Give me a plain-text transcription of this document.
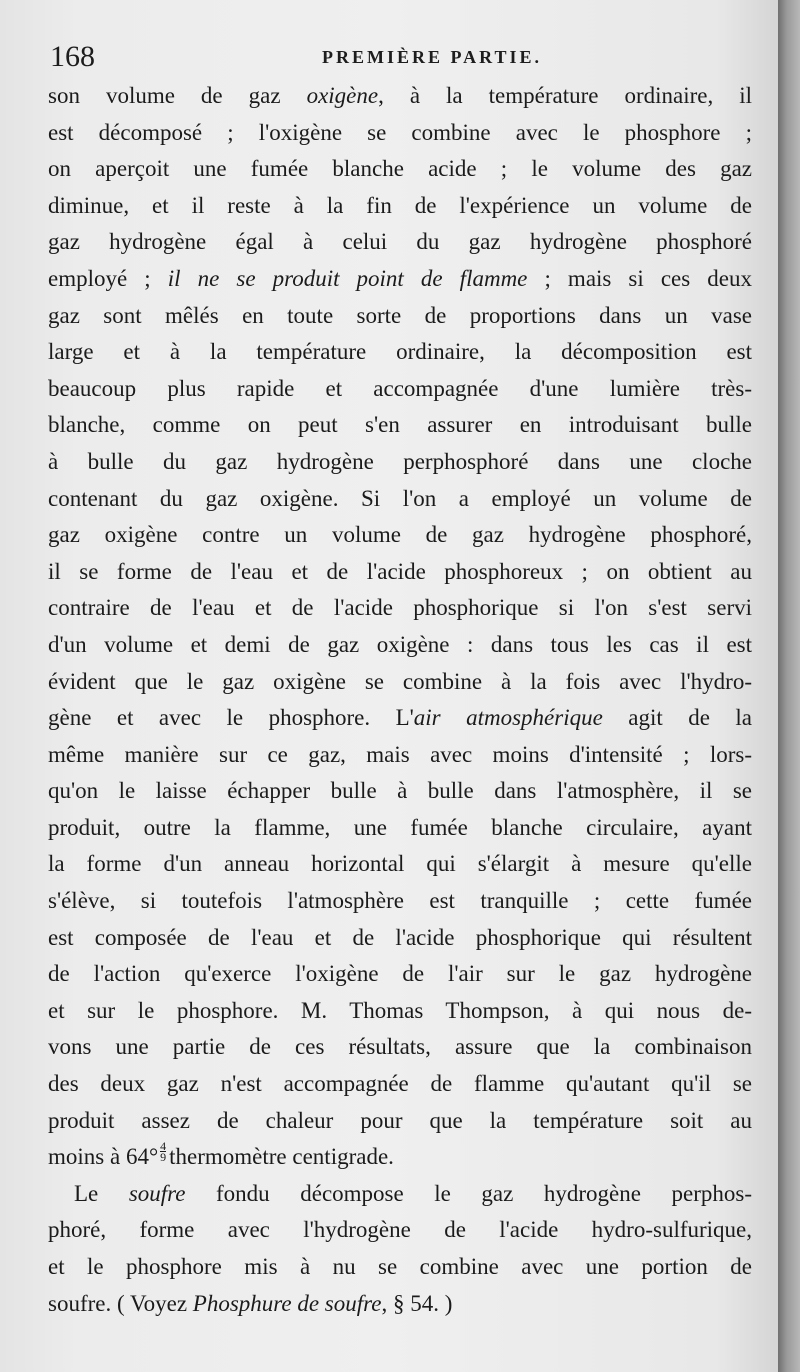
168	PREMIÈRE PARTIE.
son volume de gaz oxigène, à la température ordinaire, il
est décomposé ; l'oxigène se combine avec le phosphore ;
on aperçoit une fumée blanche acide ; le volume des gaz
diminue, et il reste à la fin de l'expérience un volume de
gaz hydrogène égal à celui du gaz hydrogène phosphoré
employé ; il ne se produit point de flamme ; mais si ces deux
gaz sont mêlés en toute sorte de proportions dans un vase
large et à la température ordinaire, la décomposition est
beaucoup plus rapide et accompagnée d'une lumière très-
blanche, comme on peut s'en assurer en introduisant bulle
à bulle du gaz hydrogène perphosphoré dans une cloche
contenant du gaz oxigène. Si l'on a employé un volume de
gaz oxigène contre un volume de gaz hydrogène phosphoré,
il se forme de l'eau et de l'acide phosphoreux ; on obtient au
contraire de l'eau et de l'acide phosphorique si l'on s'est servi
d'un volume et demi de gaz oxigène : dans tous les cas il est
évident que le gaz oxigène se combine à la fois avec l'hydro-
gène et avec le phosphore. L'air atmosphérique agit de la
même manière sur ce gaz, mais avec moins d'intensité ; lors-
qu'on le laisse échapper bulle à bulle dans l'atmosphère, il se
produit, outre la flamme, une fumée blanche circulaire, ayant
la forme d'un anneau horizontal qui s'élargit à mesure qu'elle
s'élève, si toutefois l'atmosphère est tranquille ; cette fumée
est composée de l'eau et de l'acide phosphorique qui résultent
de l'action qu'exerce l'oxigène de l'air sur le gaz hydrogène
et sur le phosphore. M. Thomas Thompson, à qui nous de-
vons une partie de ces résultats, assure que la combinaison
des deux gaz n'est accompagnée de flamme qu'autant qu'il se
produit assez de chaleur pour que la température soit au
moins à $64^\circ \frac{4}{9}$ thermomètre centigrade.
Le soufre fondu décompose le gaz hydrogène perphos-
phoré, forme avec l'hydrogène de l'acide hydro-sulfurique,
et le phosphore mis à nu se combine avec une portion de
soufre. ( Voyez Phosphure de soufre, § 54. )
